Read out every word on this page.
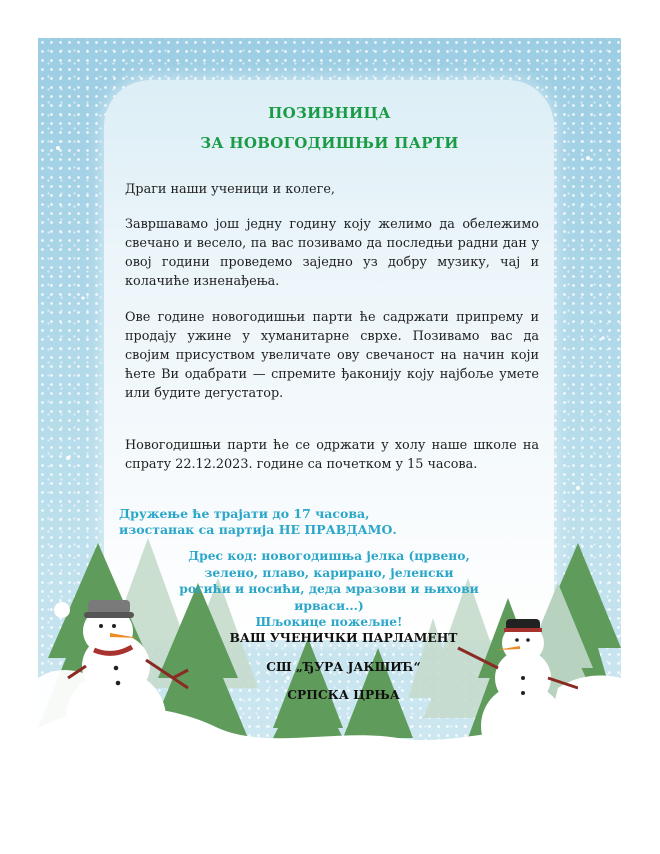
ПОЗИВНИЦА
ЗА НОВОГОДИШЊИ ПАРТИ
Драги наши ученици и колеге,
Завршавамо још једну годину коју желимо да обележимо свечано и весело, па вас позивамо да последњи радни дан у овој години проведемо заједно уз добру музику, чај и колачиће изненађења.
Ове године новогодишњи парти ће садржати припрему и продају ужине у хуманитарне сврхе. Позивамо вас да својим присуством увеличате ову свечаност на начин који ћете Ви одабрати — спремите ђаконију коју најбоље умете или будите дегустатор.
Новогодишњи парти ће се одржати у холу наше школе на спрату 22.12.2023. године са почетком у 15 часова.
Дружење ће трајати до 17 часова,
изостанак са партија НЕ ПРАВДАМО.
Дрес код: новогодишња јелка (црвено, зелено, плаво, карирано, јеленски рогићи и носићи, деда мразови и њихови ирваси...)
Шљокице пожељне!
ВАШ УЧЕНИЧКИ ПАРЛАМЕНТ
СШ „ЂУРА ЈАКШИЋ“
СРПСКА ЦРЊА
